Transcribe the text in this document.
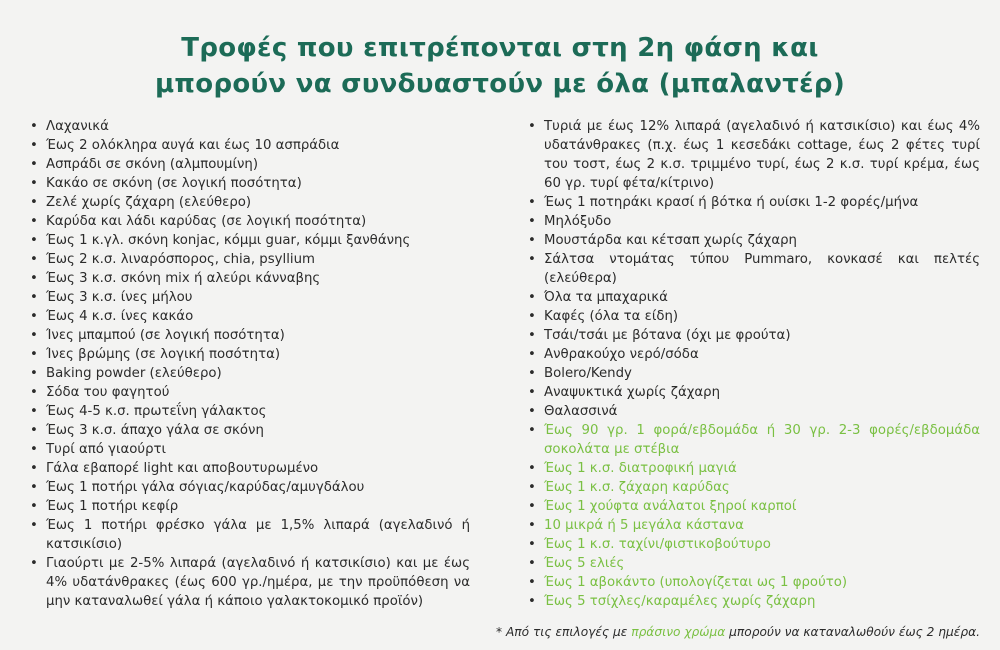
Τροφές που επιτρέπονται στη 2η φάση και
μπορούν να συνδυαστούν με όλα (μπαλαντέρ)
• Λαχανικά
• Έως 2 ολόκληρα αυγά και έως 10 ασπράδια
• Ασπράδι σε σκόνη (αλμπουμίνη)
• Κακάο σε σκόνη (σε λογική ποσότητα)
• Ζελέ χωρίς ζάχαρη (ελεύθερο)
• Καρύδα και λάδι καρύδας (σε λογική ποσότητα)
• Έως 1 κ.γλ. σκόνη konjac, κόμμι guar, κόμμι ξανθάνης
• Έως 2 κ.σ. λιναρόσπορος, chia, psyllium
• Έως 3 κ.σ. σκόνη mix ή αλεύρι κάνναβης
• Έως 3 κ.σ. ίνες μήλου
• Έως 4 κ.σ. ίνες κακάο
• Ίνες μπαμπού (σε λογική ποσότητα)
• Ίνες βρώμης (σε λογική ποσότητα)
• Baking powder (ελεύθερο)
• Σόδα του φαγητού
• Έως 4-5 κ.σ. πρωτεΐνη γάλακτος
• Έως 3 κ.σ. άπαχο γάλα σε σκόνη
• Τυρί από γιαούρτι
• Γάλα εβαπορέ light και αποβουτυρωμένο
• Έως 1 ποτήρι γάλα σόγιας/καρύδας/αμυγδάλου
• Έως 1 ποτήρι κεφίρ
• Έως 1 ποτήρι φρέσκο γάλα με 1,5% λιπαρά (αγελαδινό ή κατσικίσιο)
• Γιαούρτι με 2-5% λιπαρά (αγελαδινό ή κατσικίσιο) και με έως 4% υδατάνθρακες (έως 600 γρ./ημέρα, με την προϋπόθεση να μην καταναλωθεί γάλα ή κάποιο γαλακτοκομικό προϊόν)
• Τυριά με έως 12% λιπαρά (αγελαδινό ή κατσικίσιο) και έως 4% υδατάνθρακες (π.χ. έως 1 κεσεδάκι cottage, έως 2 φέτες τυρί του τοστ, έως 2 κ.σ. τριμμένο τυρί, έως 2 κ.σ. τυρί κρέμα, έως 60 γρ. τυρί φέτα/κίτρινο)
• Έως 1 ποτηράκι κρασί ή βότκα ή ουίσκι 1-2 φορές/μήνα
• Μηλόξυδο
• Μουστάρδα και κέτσαπ χωρίς ζάχαρη
• Σάλτσα ντομάτας τύπου Pummaro, κονκασέ και πελτές (ελεύθερα)
• Όλα τα μπαχαρικά
• Καφές (όλα τα είδη)
• Τσάι/τσάι με βότανα (όχι με φρούτα)
• Ανθρακούχο νερό/σόδα
• Bolero/Kendy
• Αναψυκτικά χωρίς ζάχαρη
• Θαλασσινά
• Έως 90 γρ. 1 φορά/εβδομάδα ή 30 γρ. 2-3 φορές/εβδομάδα σοκολάτα με στέβια
• Έως 1 κ.σ. διατροφική μαγιά
• Έως 1 κ.σ. ζάχαρη καρύδας
• Έως 1 χούφτα ανάλατοι ξηροί καρποί
• 10 μικρά ή 5 μεγάλα κάστανα
• Έως 1 κ.σ. ταχίνι/φιστικοβούτυρο
• Έως 5 ελιές
• Έως 1 αβοκάντο (υπολογίζεται ως 1 φρούτο)
• Έως 5 τσίχλες/καραμέλες χωρίς ζάχαρη
* Από τις επιλογές με πράσινο χρώμα μπορούν να καταναλωθούν έως 2 ημέρα.
